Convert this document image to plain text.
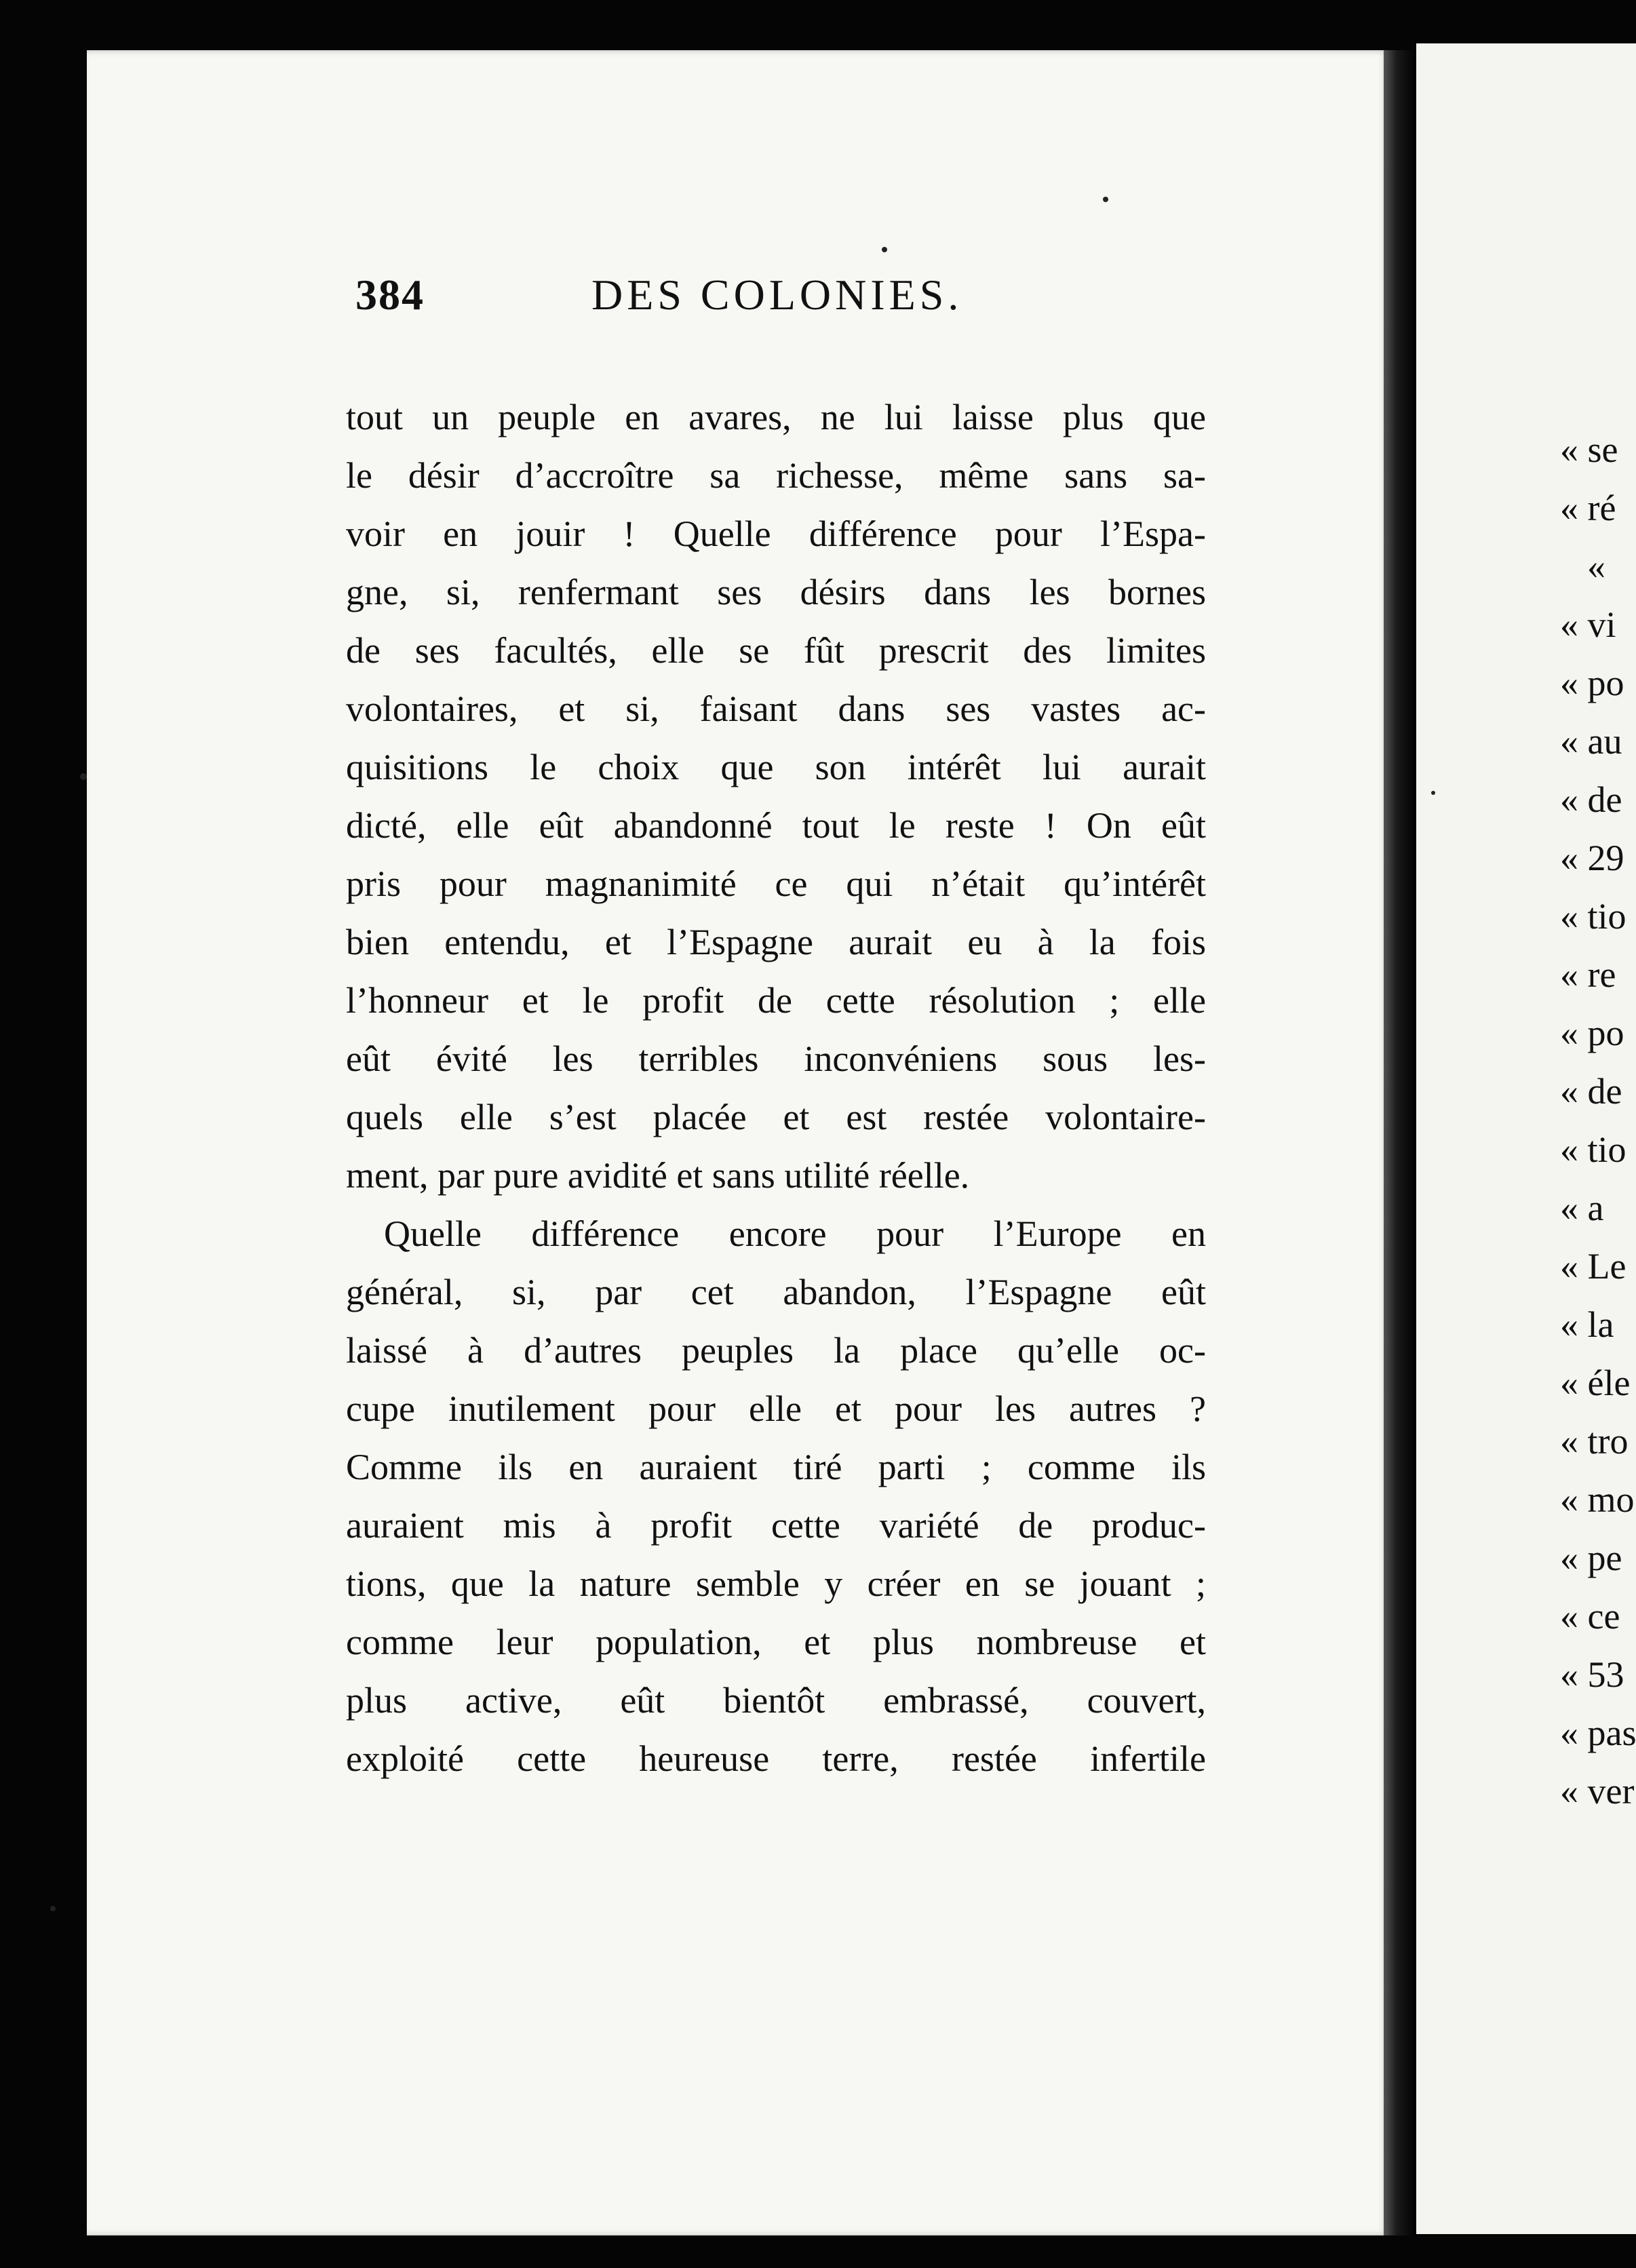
384	DES COLONIES.
tout un peuple en avares, ne lui laisse plus que
le désir d’accroître sa richesse, même sans sa-
voir en jouir ! Quelle différence pour l’Espa-
gne, si, renfermant ses désirs dans les bornes
de ses facultés, elle se fût prescrit des limites
volontaires, et si, faisant dans ses vastes ac-
quisitions le choix que son intérêt lui aurait
dicté, elle eût abandonné tout le reste ! On eût
pris pour magnanimité ce qui n’était qu’intérêt
bien entendu, et l’Espagne aurait eu à la fois
l’honneur et le profit de cette résolution ; elle
eût évité les terribles inconvéniens sous les-
quels elle s’est placée et est restée volontaire-
ment, par pure avidité et sans utilité réelle.
Quelle différence encore pour l’Europe en
général, si, par cet abandon, l’Espagne eût
laissé à d’autres peuples la place qu’elle oc-
cupe inutilement pour elle et pour les autres ?
Comme ils en auraient tiré parti ; comme ils
auraient mis à profit cette variété de produc-
tions, que la nature semble y créer en se jouant ;
comme leur population, et plus nombreuse et
plus active, eût bientôt embrassé, couvert,
exploité cette heureuse terre, restée infertile
« se
« ré
«
« vi
« po
« au
« de
« 29
« tio
« re
« po
« de
« tio
« a
« Le
« la
« éle
« tro
« mo
« pe
« ce
« 53
« pas
« ver
